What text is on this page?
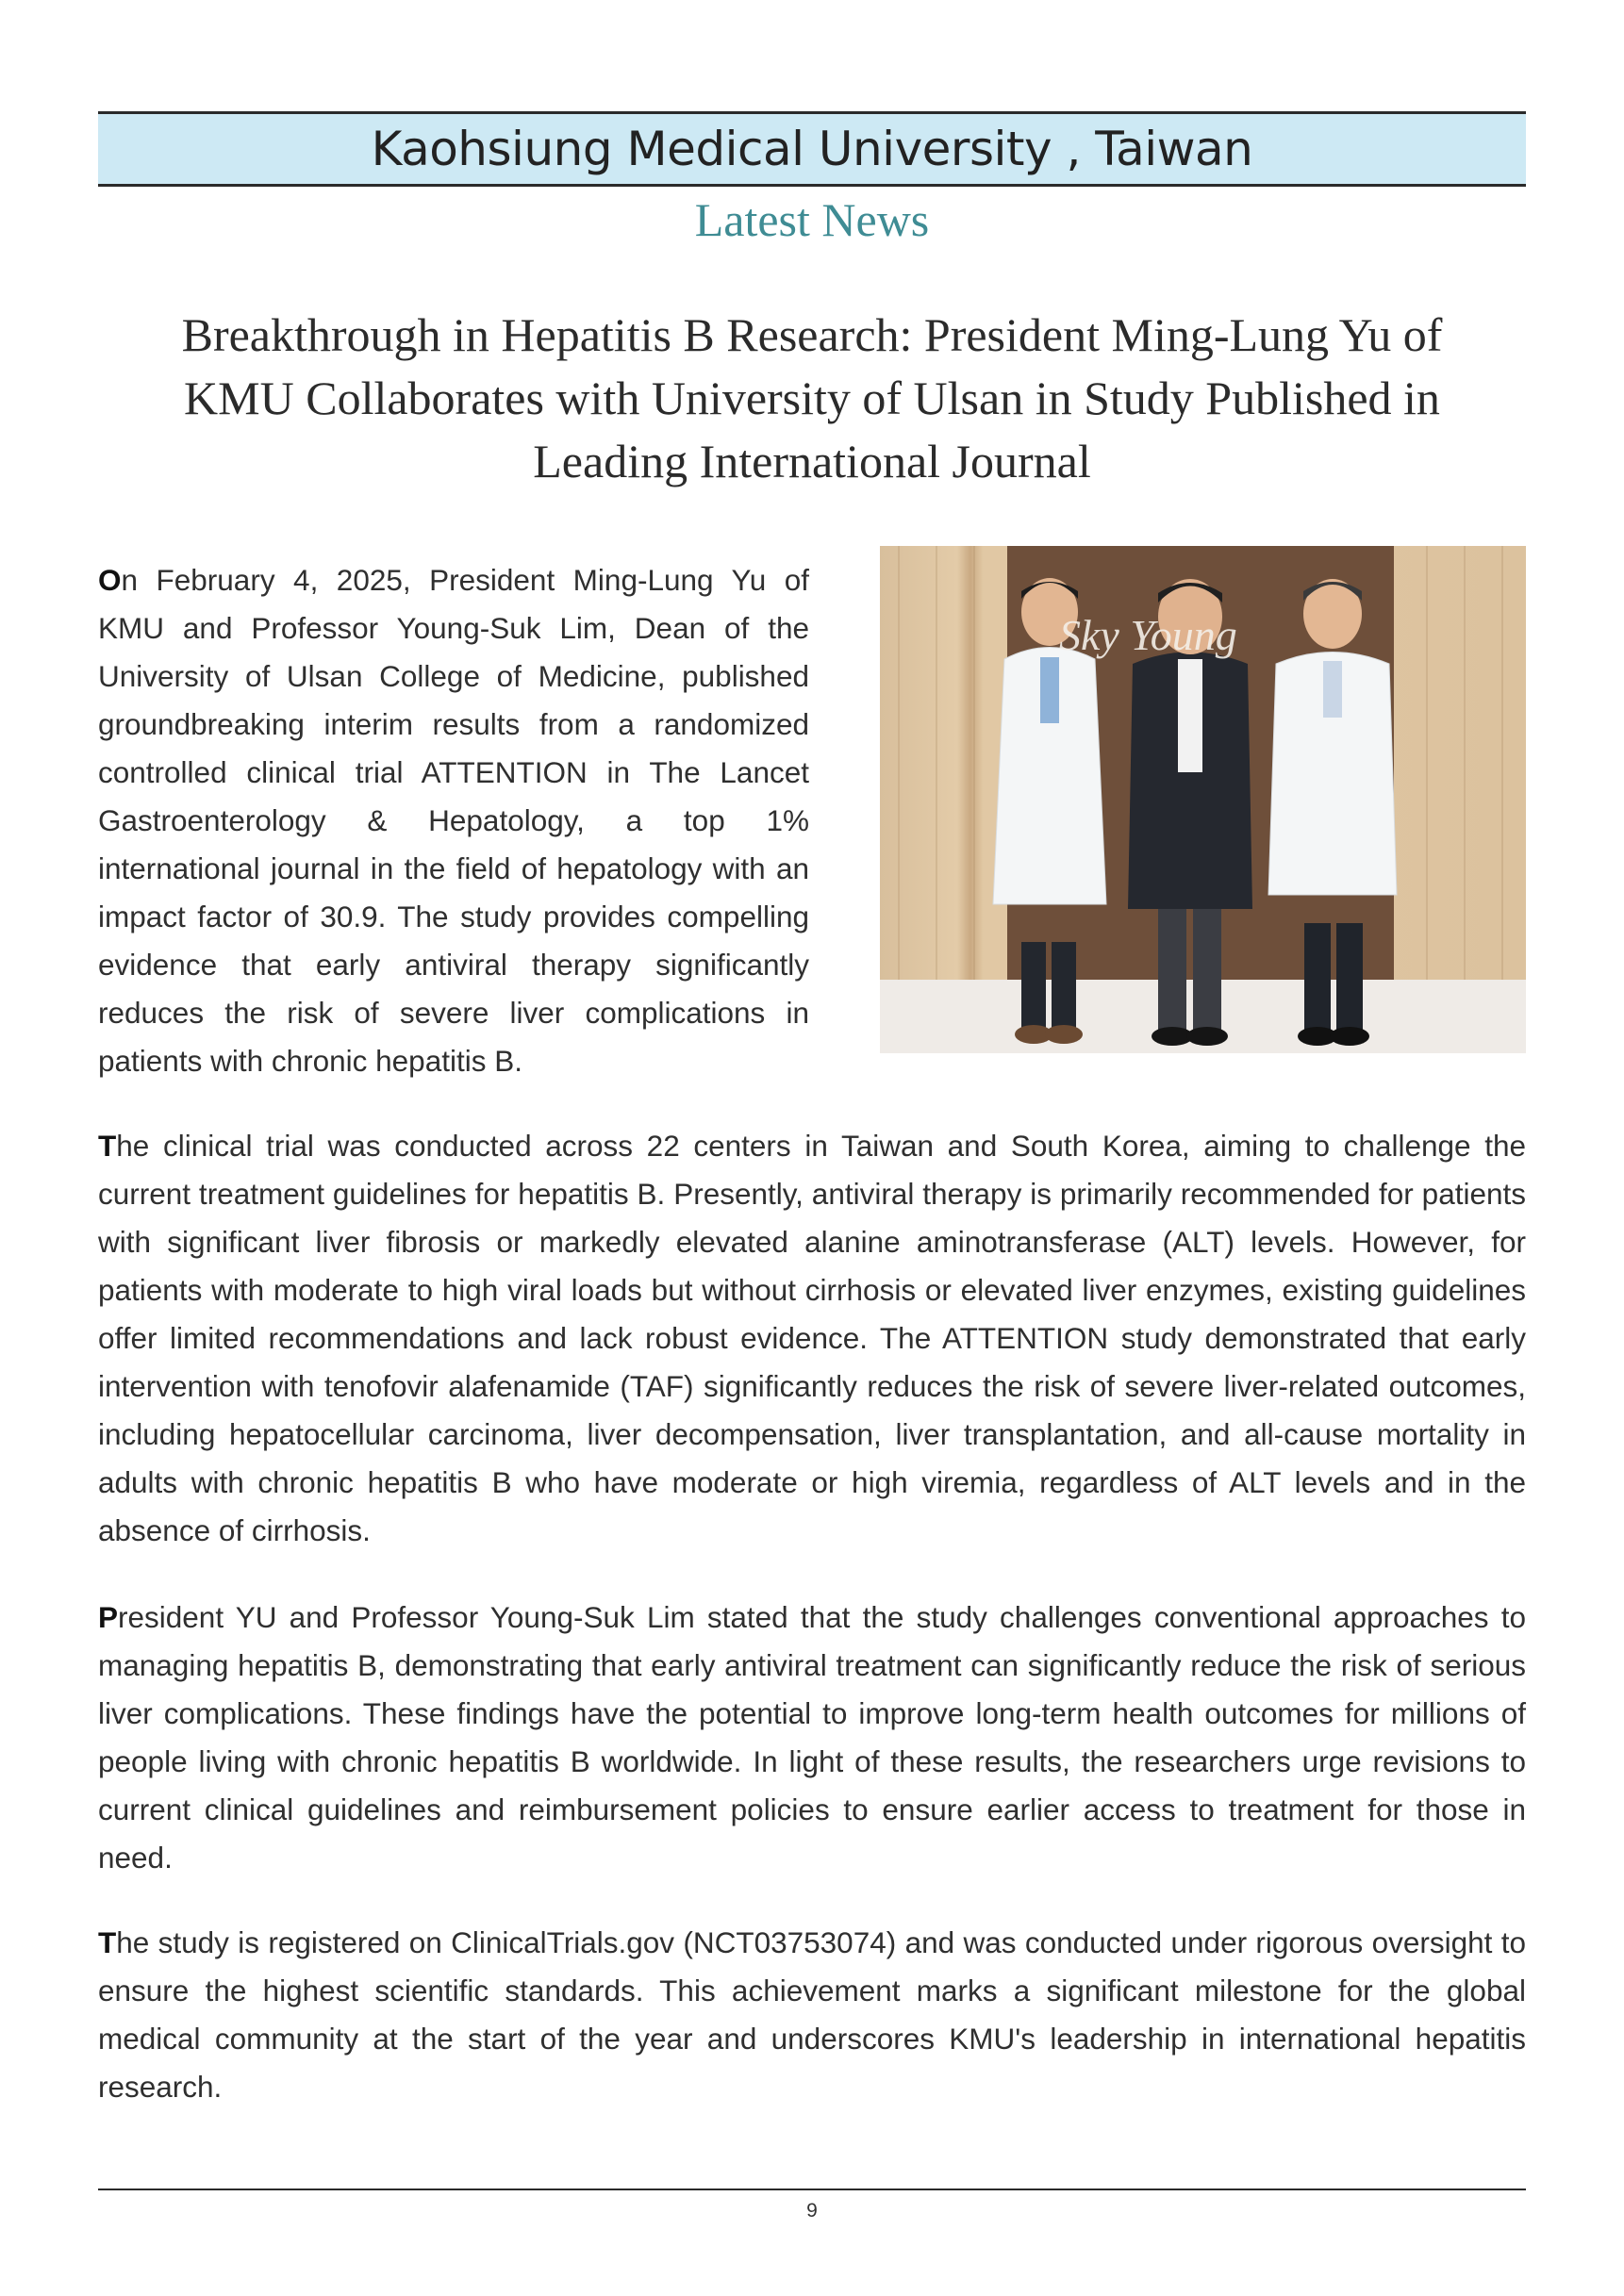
Kaohsiung Medical University , Taiwan
Latest News
Breakthrough in Hepatitis B Research: President Ming-Lung Yu of
KMU Collaborates with University of Ulsan in Study Published in
Leading International Journal

On February 4, 2025, President Ming-Lung Yu of KMU and Professor Young-Suk Lim, Dean of the University of Ulsan College of Medicine, published groundbreaking interim results from a randomized controlled clinical trial ATTENTION in The Lancet Gastroenterology & Hepatology, a top 1% international journal in the field of hepatology with an impact factor of 30.9. The study provides compelling evidence that early antiviral therapy significantly reduces the risk of severe liver complications in patients with chronic hepatitis B.

Sky Young

The clinical trial was conducted across 22 centers in Taiwan and South Korea, aiming to challenge the current treatment guidelines for hepatitis B. Presently, antiviral therapy is primarily recommended for patients with significant liver fibrosis or markedly elevated alanine aminotransferase (ALT) levels. However, for patients with moderate to high viral loads but without cirrhosis or elevated liver enzymes, existing guidelines offer limited recommendations and lack robust evidence. The ATTENTION study demonstrated that early intervention with tenofovir alafenamide (TAF) significantly reduces the risk of severe liver-related outcomes, including hepatocellular carcinoma, liver decompensation, liver transplantation, and all-cause mortality in adults with chronic hepatitis B who have moderate or high viremia, regardless of ALT levels and in the absence of cirrhosis.

President YU and Professor Young-Suk Lim stated that the study challenges conventional approaches to managing hepatitis B, demonstrating that early antiviral treatment can significantly reduce the risk of serious liver complications. These findings have the potential to improve long-term health outcomes for millions of people living with chronic hepatitis B worldwide. In light of these results, the researchers urge revisions to current clinical guidelines and reimbursement policies to ensure earlier access to treatment for those in need.

The study is registered on ClinicalTrials.gov (NCT03753074) and was conducted under rigorous oversight to ensure the highest scientific standards. This achievement marks a significant milestone for the global medical community at the start of the year and underscores KMU's leadership in international hepatitis research.

9
